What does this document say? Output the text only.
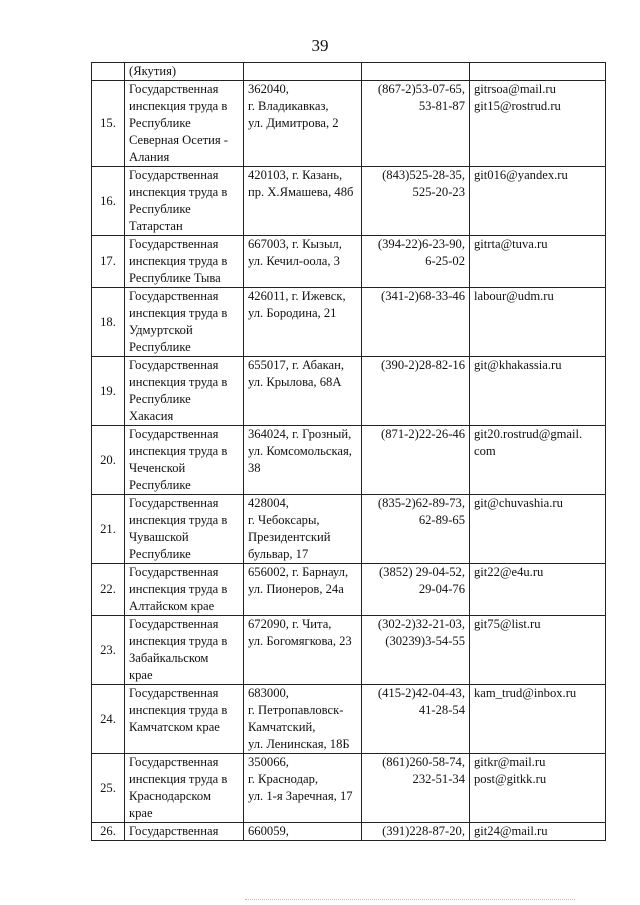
39

	(Якутия)			

15.	Государственная
инспекция труда в
Республике
Северная Осетия -
Алания	362040,
г. Владикавказ,
ул. Димитрова, 2	(867-2)53-07-65,
53-81-87	gitrsoa@mail.ru
git15@rostrud.ru

16.	Государственная
инспекция труда в
Республике
Татарстан	420103, г. Казань,
пр. Х.Ямашева, 48б	(843)525-28-35,
525-20-23	git016@yandex.ru

17.	Государственная
инспекция труда в
Республике Тыва	667003, г. Кызыл,
ул. Кечил-оола, 3	(394-22)6-23-90,
6-25-02	gitrta@tuva.ru

18.	Государственная
инспекция труда в
Удмуртской
Республике	426011, г. Ижевск,
ул. Бородина, 21	(341-2)68-33-46	labour@udm.ru

19.	Государственная
инспекция труда в
Республике
Хакасия	655017, г. Абакан,
ул. Крылова, 68А	(390-2)28-82-16	git@khakassia.ru

20.	Государственная
инспекция труда в
Чеченской
Республике	364024, г. Грозный,
ул. Комсомольская,
38	(871-2)22-26-46	git20.rostrud@gmail.
com

21.	Государственная
инспекция труда в
Чувашской
Республике	428004,
г. Чебоксары,
Президентский
бульвар, 17	(835-2)62-89-73,
62-89-65	git@chuvashia.ru

22.	Государственная
инспекция труда в
Алтайском крае	656002, г. Барнаул,
ул. Пионеров, 24а	(3852) 29-04-52,
29-04-76	git22@e4u.ru

23.	Государственная
инспекция труда в
Забайкальском
крае	672090, г. Чита,
ул. Богомягкова, 23	(302-2)32-21-03,
(30239)3-54-55	git75@list.ru

24.	Государственная
инспекция труда в
Камчатском крае	683000,
г. Петропавловск-
Камчатский,
ул. Ленинская, 18Б	(415-2)42-04-43,
41-28-54	kam_trud@inbox.ru

25.	Государственная
инспекция труда в
Краснодарском
крае	350066,
г. Краснодар,
ул. 1-я Заречная, 17	(861)260-58-74,
232-51-34	gitkr@mail.ru
post@gitkk.ru

26.	Государственная	660059,	(391)228-87-20,	git24@mail.ru
